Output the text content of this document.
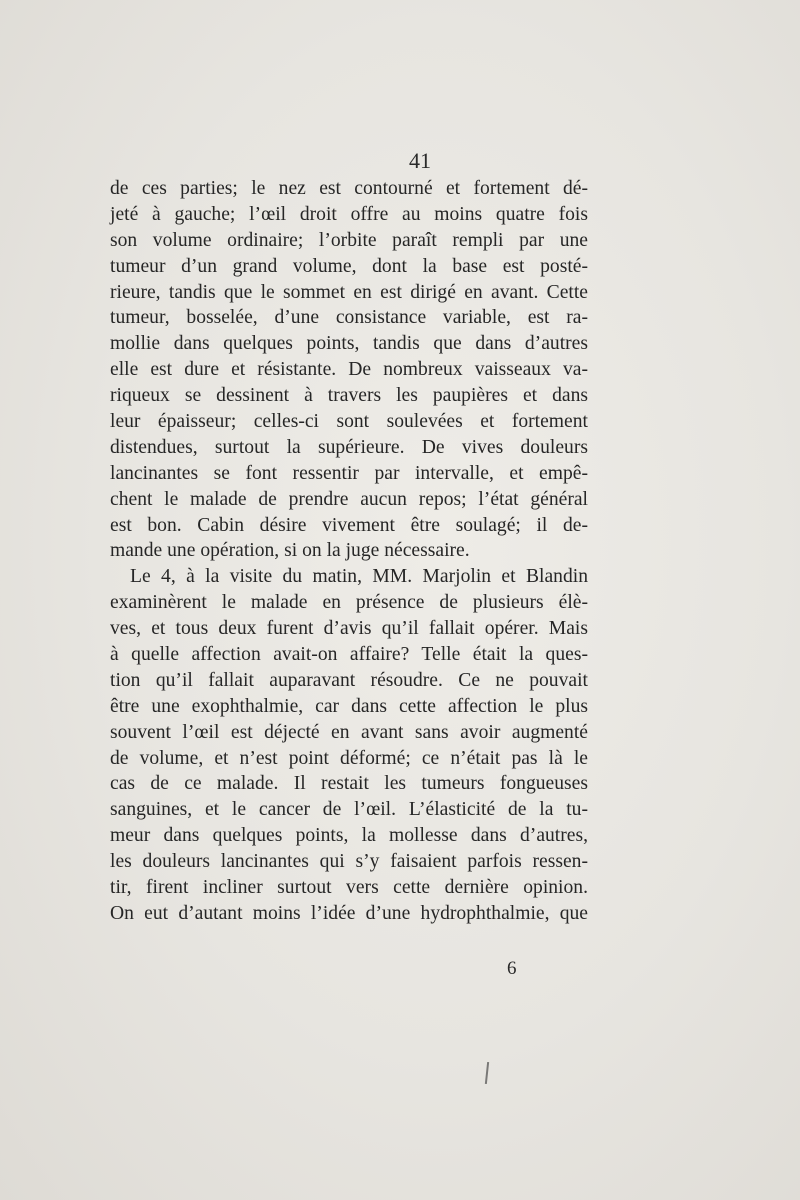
41
de ces parties; le nez est contourné et fortement dé-
jeté à gauche; l’œil droit offre au moins quatre fois
son volume ordinaire; l’orbite paraît rempli par une
tumeur d’un grand volume, dont la base est posté-
rieure, tandis que le sommet en est dirigé en avant. Cette
tumeur, bosselée, d’une consistance variable, est ra-
mollie dans quelques points, tandis que dans d’autres
elle est dure et résistante. De nombreux vaisseaux va-
riqueux se dessinent à travers les paupières et dans
leur épaisseur; celles-ci sont soulevées et fortement
distendues, surtout la supérieure. De vives douleurs
lancinantes se font ressentir par intervalle, et empê-
chent le malade de prendre aucun repos; l’état général
est bon. Cabin désire vivement être soulagé; il de-
mande une opération, si on la juge nécessaire.
Le 4, à la visite du matin, MM. Marjolin et Blandin
examinèrent le malade en présence de plusieurs élè-
ves, et tous deux furent d’avis qu’il fallait opérer. Mais
à quelle affection avait-on affaire? Telle était la ques-
tion qu’il fallait auparavant résoudre. Ce ne pouvait
être une exophthalmie, car dans cette affection le plus
souvent l’œil est déjecté en avant sans avoir augmenté
de volume, et n’est point déformé; ce n’était pas là le
cas de ce malade. Il restait les tumeurs fongueuses
sanguines, et le cancer de l’œil. L’élasticité de la tu-
meur dans quelques points, la mollesse dans d’autres,
les douleurs lancinantes qui s’y faisaient parfois ressen-
tir, firent incliner surtout vers cette dernière opinion.
On eut d’autant moins l’idée d’une hydrophthalmie, que
6
